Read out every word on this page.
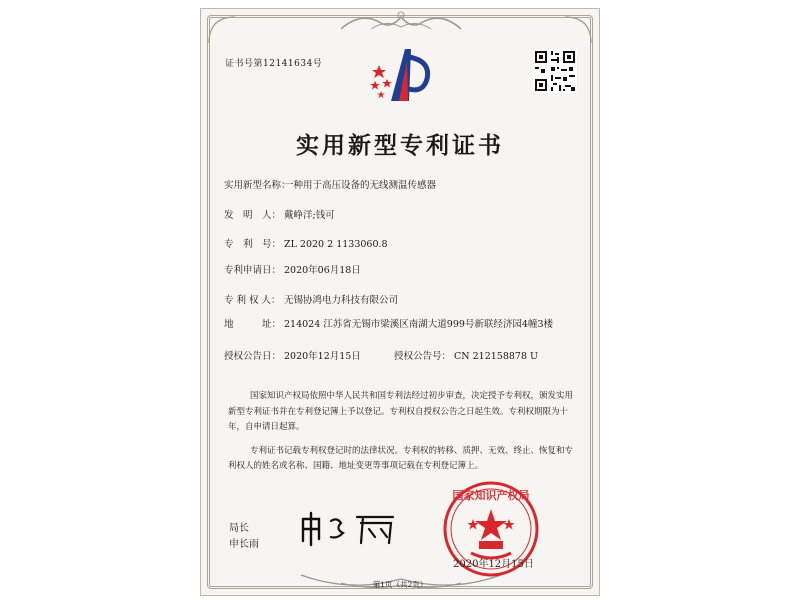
证书号第12141634号
实用新型专利证书
实用新型名称：一种用于高压设备的无线测温传感器
发　明　人： 戴峥洋;钱可
专　利　号： ZL 2020 2 1133060.8
专利申请日： 2020年06月18日
专 利 权 人： 无锡协鸿电力科技有限公司
地　　　址： 214024 江苏省无锡市梁溪区南湖大道999号新联经济园4幢3楼
授权公告日： 2020年12月15日	授权公告号： CN 212158878 U

国家知识产权局依照中华人民共和国专利法经过初步审查，决定授予专利权，颁发实用新型专利证书并在专利登记簿上予以登记。专利权自授权公告之日起生效。专利权期限为十年，自申请日起算。

专利证书记载专利权登记时的法律状况。专利权的转移、质押、无效、终止、恢复和专利权人的姓名或名称、国籍、地址变更等事项记载在专利登记簿上。

局长
申长雨
国家知识产权局
2020年12月15日
第1页（共2页）
